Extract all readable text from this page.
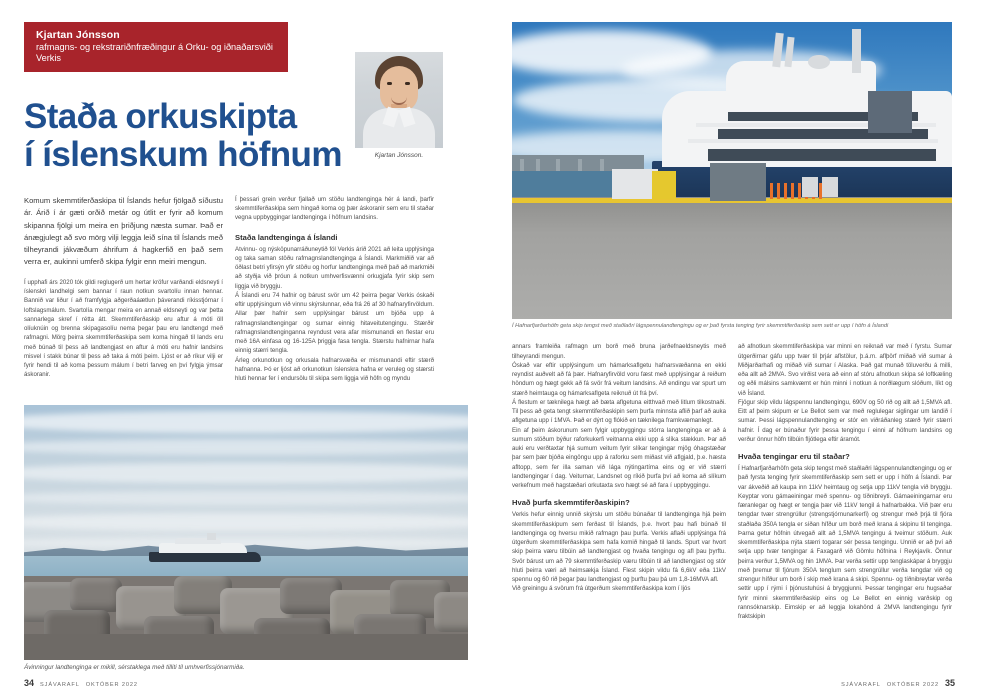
Kjartan Jónsson
rafmagns- og rekstrariðnfræðingur á Orku- og iðnaðarsviði Verkis
Staða orkuskipta
í íslenskum höfnum	Kjartan Jónsson.

Komum skemmtiferðaskipa til Íslands hefur fjölgað síðustu ár. Árið í ár gæti orðið metár og útlit er fyrir að komum skipanna fjölgi um meira en þriðjung næsta sumar. Það er ánægjulegt að svo mörg vilji leggja leið sína til Íslands með tilheyrandi jákvæðum áhrifum á hagkerfið en það sem verra er, aukinni umferð skipa fylgir enn meiri mengun.

Í upphafi árs 2020 tók gildi reglugerð um hertar kröfur varðandi eldsneyti í íslenskri landhelgi sem bannar í raun notkun svartolíu innan hennar. Bannið var liður í að framfylgja aðgerðaáætlun þáverandi ríkisstjórnar í loftslagsmálum. Svartolía mengar meira en annað eldsneyti og var þetta sannarlega skref í rétta átt. Skemmtiferðaskip eru aftur á móti öll olíuknúin og brenna skipagasolíu nema þegar þau eru landtengd með rafmagni. Mörg þeirra skemmtiferðaskipa sem koma hingað til lands eru með búnað til þess að landtengjast en aftur á móti eru hafnir landsins misvel í stakk búnar til þess að taka á móti þeim. Ljóst er að ríkur vilji er fyrir hendi til að koma þessum málum í betri farveg en því fylgja ýmsar áskoranir.

Í þessari grein verður fjallað um stöðu landtenginga hér á landi, þarfir skemmtiferðaskipa sem hingað koma og þær áskoranir sem eru til staðar vegna uppbyggingar landtenginga í höfnum landsins.

Staða landtenginga á Íslandi

Atvinnu- og nýsköpunarráðuneytið fól Verkis árið 2021 að leita upplýsinga og taka saman stöðu rafmagnslandtenginga á Íslandi. Markmiðið var að öðlast betri yfirsýn yfir stöðu og horfur landtenginga með það að markmiði að styðja við þróun á notkun umhverfisvænni orkugjafa fyrir skip sem liggja við bryggju.

Á Íslandi eru 74 hafnir og bárust svör um 42 þeirra þegar Verkis óskaði eftir upplýsingum við vinnu skýrslunnar, eða frá 26 af 30 hafnaryfirvöldum. Allar þær hafnir sem upplýsingar bárust um bjóða upp á rafmagnslandtengingar og sumar einnig hitaveitutengingu. Stærðir rafmagnslandtenginganna reyndust vera afar mismunandi en flestar eru með 16A einfasa og 16-125A þriggja fasa tengla. Stærstu hafnirnar hafa einnig stærri tengla.

Árleg orkunotkun og orkusala hafnarsvæða er mismunandi eftir stærð hafnanna. Þó er ljóst að orkunotkun íslenskra hafna er veruleg og stærsti hluti hennar fer í endursölu til skipa sem liggja við höfn og myndu

Ávinningur landtenginga er mikill, sérstaklega með tilliti til umhverfissjónarmiða.
34 SJÁVARAFL OKTÓBER 2022
Í Hafnarfjarðarhöfn geta skip tengst með staðlaðri lágspennulandtengingu og er það fyrsta tenging fyrir skemmtiferðaskip sem sett er upp í höfn á Íslandi

annars framleiða rafmagn um borð með bruna jarðefnaeldsneytis með tilheyrandi mengun.

Óskað var eftir upplýsingum um hámarksaflgetu hafnarsvæðanna en ekki reyndist auðvelt að fá þær. Hafnaryfirvöld voru fæst með upplýsingar á reiðum höndum og hægt gekk að fá svör frá veitum landsins. Að endingu var spurt um stærð heimtauga og hámarksaflgeta reiknuð út frá því.

Á flestum er tæknilega hægt að bæta aflgetuna eitthvað með litlum tilkostnaði. Til þess að geta tengt skemmtiferðaskipin sem þurfa minnsta aflið þarf að auka aflgetuna upp í 1MVA. Það er dýrt og flókið en tæknilega framkvæmanlegt.

Ein af þeim áskorunum sem fylgir uppbyggingu stórra langtenginga er að á sumum stöðum býður raforkukerfi veitnanna ekki upp á slíka stækkun. Þar að auki eru verðtaxtar hjá sumum veitum fyrir slíkar tengingar mjög óhagstæðar þar sem þær bjóða eingöngu upp á raforku sem miðast við aflgjald, þ.e. hæsta afltopp, sem fer illa saman við lága nýtingartíma eins og er við stærri landtengingar í dag. Veiturnar, Landsnet og ríkið þurfa því að koma að slíkum verkefnum með hagstæðari orkutaxta svo hægt sé að fara í uppbyggingu.

Hvað þurfa skemmtiferðaskipin?

Verkis hefur einnig unnið skýrslu um stöðu búnaðar til landtenginga hjá þeim skemmtiferðaskipum sem ferðast til Íslands, þ.e. hvort þau hafi búnað til landtenginga og hversu mikið rafmagn þau þurfa. Verkis aflaði upplýsinga frá útgerðum skemmtiferðaskipa sem hafa komið hingað til lands. Spurt var hvort skip þeirra væru tilbúin að landtengjast og hvaða tengingu og afl þau þyrftu. Svör bárust um að 79 skemmtiferðaskip væru tilbúin til að landtengjast og stór hluti þeirra væri að heimsækja Ísland. Flest skipin vildu fá 6,6kV eða 11kV spennu og 60 rið þegar þau landtengjast og þurftu þau þá um 1,8-16MVA afl.

Við greiningu á svörum frá útgerðum skemmtiferðaskipa kom í ljós

að afnotkun skemmtiferðaskipa var minni en reiknað var með í fyrstu. Sumar útgerðirnar gáfu upp tvær til þrjár aflstölur, þ.á.m. aflþörf miðað við sumar á Miðjarðarhafi og miðað við sumar í Alaska. Það gat munað töluverðu á milli, eða allt að 2MVA. Svo virðist vera að einn af stóru afnotkun skipa sé loftkæling og eðli málsins samkvæmt er hún minni í notkun á norðlægum slóðum, líkt og við Ísland.

Fjögur skip vildu lágspennu landtengingu, 690V og 50 rið og allt að 1,5MVA afl. Eitt af þeim skipum er Le Bellot sem var með reglulegar siglingar um landið í sumar. Þessi lágspennulandtenging er stór en viðráðanleg stærð fyrir stærri hafnir. Í dag er búnaður fyrir þessa tengingu í einni af höfnum landsins og verður önnur höfn tilbúin fljótlega eftir áramót.

Hvaða tengingar eru til staðar?

Í Hafnarfjarðarhöfn geta skip tengst með staðlaðri lágspennulandtengingu og er það fyrsta tenging fyrir skemmtiferðaskip sem sett er upp í höfn á Íslandi. Þar var ákveðið að kaupa inn 11kV heimtaug og setja upp 11kV tengla við bryggju. Keyptar voru gámaeiningar með spennu- og tíðnibreyti. Gámaeiningarnar eru færanlegar og hægt er tengja þær við 11kV tengil á hafnarbakka. Við þær eru tengdar tvær strengrúllur (strengstjórnunarkerfi) og strengur með þrjá til fjóra staðlaða 350A tengla er síðan hífður um borð með krana á skipinu til tenginga. Þarna getur höfnin útvegað allt að 1,5MVA tengingu á tveimur stöðum. Auk skemmtiferðaskipa nýta stærri togarar sér þessa tengingu. Unnið er að því að setja upp tvær tengingar á Faxagarð við Gömlu höfnina í Reykjavík. Önnur þeirra verður 1,5MVA og hin 1MVA. Þar verða settir upp tenglaskápar á bryggju með þremur til fjórum 350A tenglum sem strengrúllur verða tengdar við og strengur hífður um borð í skip með krana á skipi. Spennu- og tíðnibreytar verða settir upp í rými í þjónustuhúsi á bryggjunni. Þessar tengingar eru hugsaðar fyrir minni skemmtiferðaskip eins og Le Bellot en einnig varðskip og rannsóknarskip. Eimskip er að leggja lokahönd á 2MVA landtengingu fyrir fraktskipin

SJÁVARAFL OKTÓBER 2022 35
